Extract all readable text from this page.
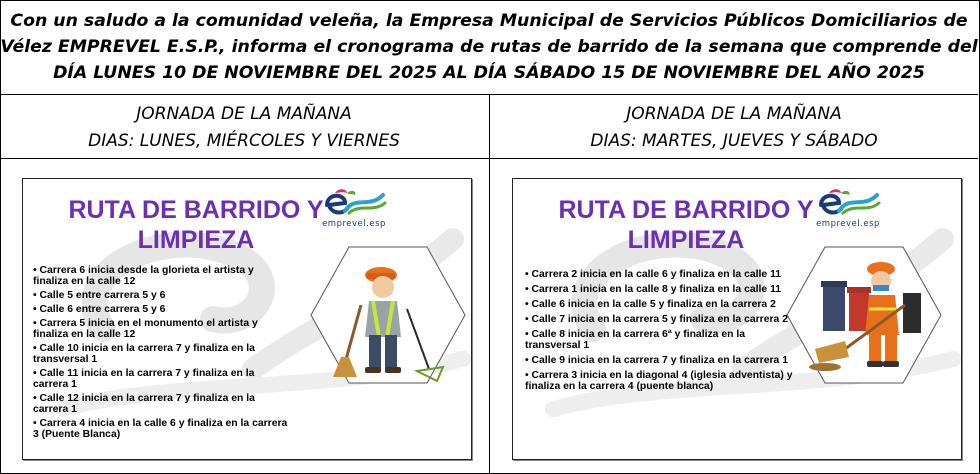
Con un saludo a la comunidad veleña, la Empresa Municipal de Servicios Públicos Domiciliarios de
Vélez EMPREVEL E.S.P., informa el cronograma de rutas de barrido de la semana que comprende del
DÍA LUNES 10 DE NOVIEMBRE DEL 2025 AL DÍA SÁBADO 15 DE NOVIEMBRE DEL AÑO 2025
JORNADA DE LA MAÑANA
DIAS: LUNES, MIÉRCOLES Y VIERNES
JORNADA DE LA MAÑANA
DIAS: MARTES, JUEVES Y SÁBADO
RUTA DE BARRIDO Y
LIMPIEZA
emprevel.esp
• Carrera 6 inicia desde la glorieta el artista y finaliza en la calle 12
• Calle 5 entre carrera 5 y 6
• Calle 6 entre carrera 5 y 6
• Carrera 5 inicia en el monumento el artista y finaliza en la calle 12
• Calle 10 inicia en la carrera 7 y finaliza en la transversal 1
• Calle 11 inicia en la carrera 7 y finaliza en la carrera 1
• Calle 12 inicia en la carrera 7 y finaliza en la carrera 1
• Carrera 4 inicia en la calle 6 y finaliza en la carrera 3 (Puente Blanca)
RUTA DE BARRIDO Y
LIMPIEZA
emprevel.esp
• Carrera 2 inicia en la calle 6 y finaliza en la calle 11
• Carrera 1 inicia en la calle 8 y finaliza en la calle 11
• Calle 6 inicia en la calle 5 y finaliza en la carrera 2
• Calle 7 inicia en la carrera 5 y finaliza en la carrera 2
• Calle 8 inicia en la carrera 6ª y finaliza en la transversal 1
• Calle 9 inicia en la carrera 7 y finaliza en la carrera 1
• Carrera 3 inicia en la diagonal 4 (iglesia adventista) y finaliza en la carrera 4 (puente blanca)
